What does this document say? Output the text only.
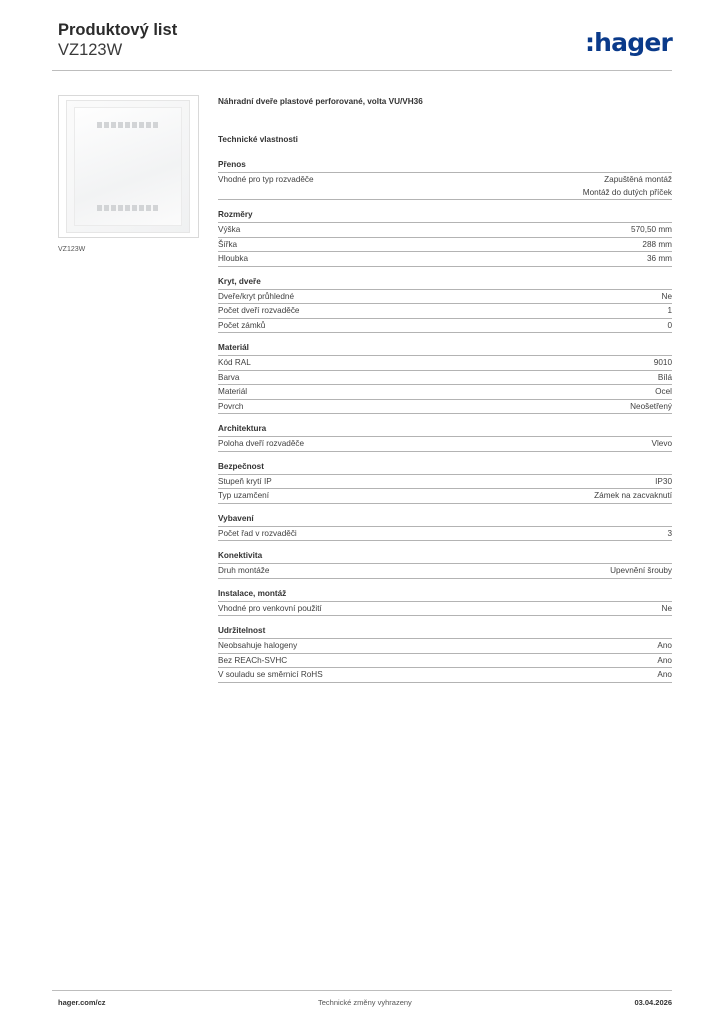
Produktový list
VZ123W	:hager
VZ123W
Náhradní dveře plastové perforované, volta VU/VH36
Technické vlastnosti
Přenos
Vhodné pro typ rozvaděče	Zapuštěná montáž
Montáž do dutých příček
Rozměry
Výška	570,50 mm
Šířka	288 mm
Hloubka	36 mm
Kryt, dveře
Dveře/kryt průhledné	Ne
Počet dveří rozvaděče	1
Počet zámků	0
Materiál
Kód RAL	9010
Barva	Bílá
Materiál	Ocel
Povrch	Neošetřený
Architektura
Poloha dveří rozvaděče	Vlevo
Bezpečnost
Stupeň krytí IP	IP30
Typ uzamčení	Zámek na zacvaknutí
Vybavení
Počet řad v rozvaděči	3
Konektivita
Druh montáže	Upevnění šrouby
Instalace, montáž
Vhodné pro venkovní použití	Ne
Udržitelnost
Neobsahuje halogeny	Ano
Bez REACh-SVHC	Ano
V souladu se směrnicí RoHS	Ano
hager.com/cz	Technické změny vyhrazeny	03.04.2026
